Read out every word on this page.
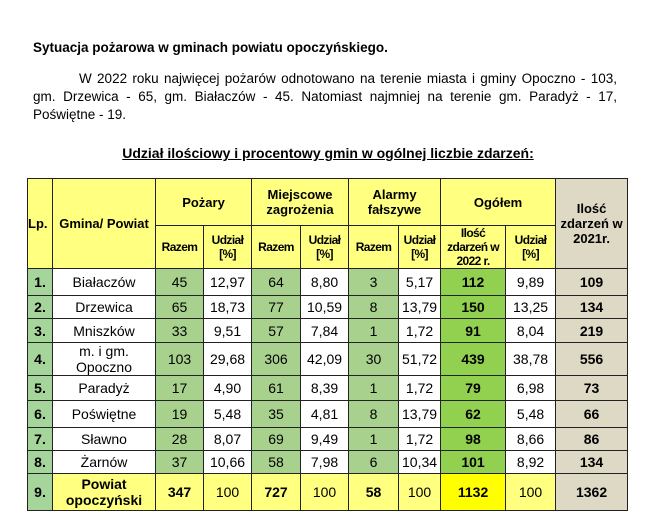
Sytuacja pożarowa w gminach powiatu opoczyńskiego.
W 2022 roku najwięcej pożarów odnotowano na terenie miasta i gminy Opoczno - 103, gm. Drzewica - 65, gm. Białaczów - 45. Natomiast najmniej na terenie gm. Paradyż - 17, Poświętne - 19.
Udział ilościowy i procentowy gmin w ogólnej liczbie zdarzeń:
Lp.	Gmina/ Powiat	Pożary		Miejscowe zagrożenia		Alarmy fałszywe		Ogółem		Ilość zdarzeń w 2021r.
		Razem	Udział [%]	Razem	Udział [%]	Razem	Udział [%]	Ilość zdarzeń w 2022 r.	Udział [%]	
1.	Białaczów	45	12,97	64	8,80	3	5,17	112	9,89	109
2.	Drzewica	65	18,73	77	10,59	8	13,79	150	13,25	134
3.	Mniszków	33	9,51	57	7,84	1	1,72	91	8,04	219
4.	m. i gm. Opoczno	103	29,68	306	42,09	30	51,72	439	38,78	556
5.	Paradyż	17	4,90	61	8,39	1	1,72	79	6,98	73
6.	Poświętne	19	5,48	35	4,81	8	13,79	62	5,48	66
7.	Sławno	28	8,07	69	9,49	1	1,72	98	8,66	86
8.	Żarnów	37	10,66	58	7,98	6	10,34	101	8,92	134
9.	Powiat opoczyński	347	100	727	100	58	100	1132	100	1362
